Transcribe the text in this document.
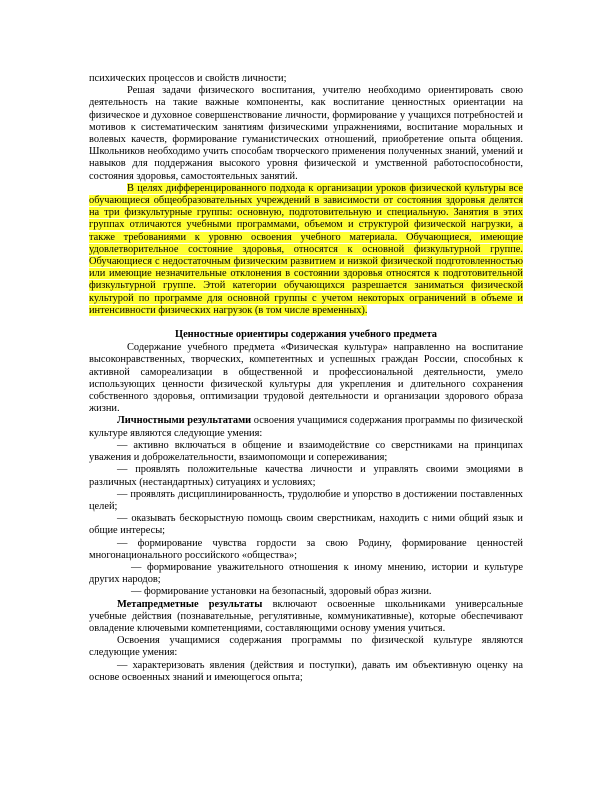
психических процессов и свойств личности;

Решая задачи физического воспитания, учителю необходимо ориентировать свою деятельность на такие важные компоненты, как воспитание ценностных ориентации на физическое и духовное совершенствование личности, формирование у учащихся потребностей и мотивов к систематическим занятиям физическими упражнениями, воспитание моральных и волевых качеств, формирование гуманистических отношений, приобретение опыта общения. Школьников необходимо учить способам творческого применения полученных знаний, умений и навыков для поддержания высокого уровня физической и умственной работоспособности, состояния здоровья, самостоятельных занятий.

В целях дифференцированного подхода к организации уроков физической культуры все обучающиеся общеобразовательных учреждений в зависимости от состояния здоровья делятся на три физкультурные группы: основную, подготовительную и специальную. Занятия в этих группах отличаются учебными программами, объемом и структурой физической нагрузки, а также требованиями к уровню освоения учебного материала. Обучающиеся, имеющие удовлетворительное состояние здоровья, относятся к основной физкультурной группе. Обучающиеся с недостаточным физическим развитием и низкой физической подготовленностью или имеющие незначительные отклонения в состоянии здоровья относятся к подготовительной физкультурной группе. Этой категории обучающихся разрешается заниматься физической культурой по программе для основной группы с учетом некоторых ограничений в объеме и интенсивности физических нагрузок (в том числе временных).

Ценностные ориентиры содержания учебного предмета

Содержание учебного предмета «Физическая культура» направленно на воспитание высоконравственных, творческих, компетентных и успешных граждан России, способных к активной самореализации в общественной и профессиональной деятельности, умело использующих ценности физической культуры для укрепления и длительного сохранения собственного здоровья, оптимизации трудовой деятельности и организации здорового образа жизни.

Личностными результатами освоения учащимися содержания программы по физической культуре являются следующие умения:

— активно включаться в общение и взаимодействие со сверстниками на принципах уважения и доброжелательности, взаимопомощи и сопереживания;

— проявлять положительные качества личности и управлять своими эмоциями в различных (нестандартных) ситуациях и условиях;

— проявлять дисциплинированность, трудолюбие и упорство в достижении поставленных целей;

— оказывать бескорыстную помощь своим сверстникам, находить с ними общий язык и общие интересы;

— формирование чувства гордости за свою Родину, формирование ценностей многонационального российского «общества»;

— формирование уважительного отношения к иному мнению, истории и культуре других народов;

— формирование установки на безопасный, здоровый образ жизни.

Метапредметные результаты включают освоенные школьниками универсальные учебные действия (познавательные, регулятивные, коммуникативные), которые обеспечивают овладение ключевыми компетенциями, составляющими основу умения учиться.

Освоения учащимися содержания программы по физической культуре являются следующие умения:

— характеризовать явления (действия и поступки), давать им объективную оценку на основе освоенных знаний и имеющегося опыта;
